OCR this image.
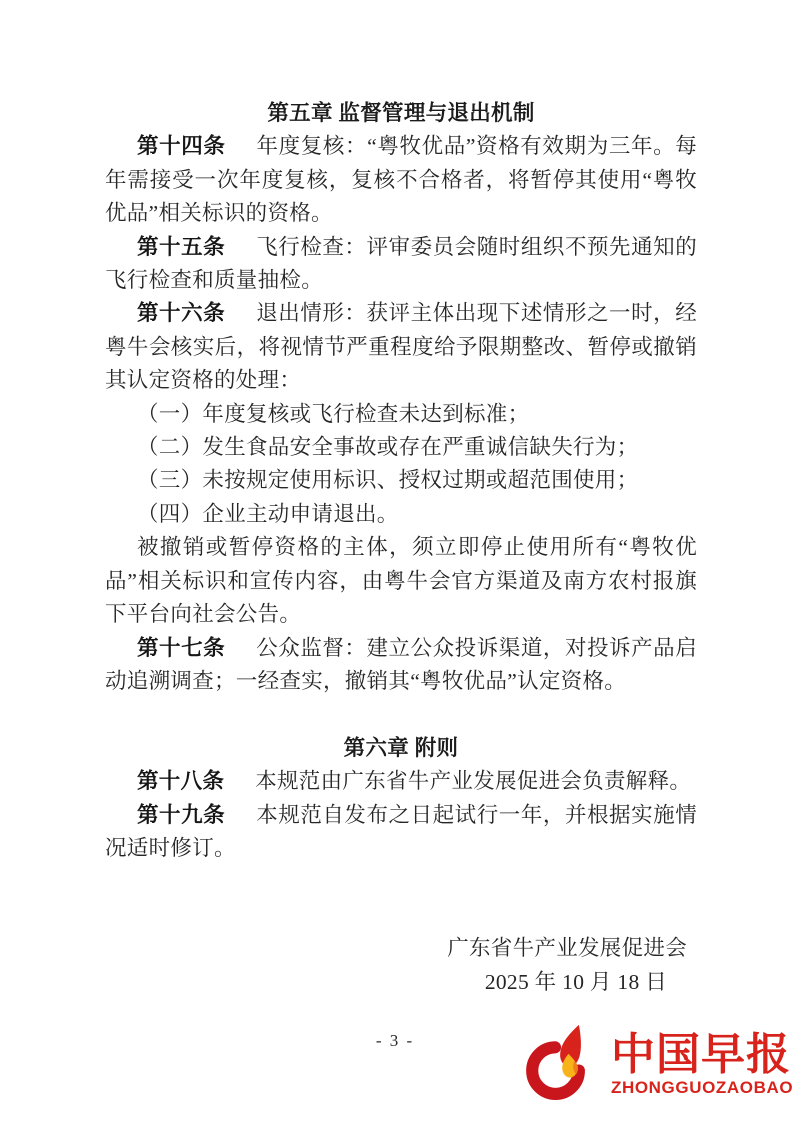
第五章 监督管理与退出机制

第十四条 年度复核：“粤牧优品”资格有效期为三年。每年需接受一次年度复核，复核不合格者，将暂停其使用“粤牧优品”相关标识的资格。

第十五条 飞行检查：评审委员会随时组织不预先通知的飞行检查和质量抽检。

第十六条 退出情形：获评主体出现下述情形之一时，经粤牛会核实后，将视情节严重程度给予限期整改、暂停或撤销其认定资格的处理：

（一）年度复核或飞行检查未达到标准；

（二）发生食品安全事故或存在严重诚信缺失行为；

（三）未按规定使用标识、授权过期或超范围使用；

（四）企业主动申请退出。

被撤销或暂停资格的主体，须立即停止使用所有“粤牧优品”相关标识和宣传内容，由粤牛会官方渠道及南方农村报旗下平台向社会公告。

第十七条 公众监督：建立公众投诉渠道，对投诉产品启动追溯调查；一经查实，撤销其“粤牧优品”认定资格。

第六章 附则

第十八条 本规范由广东省牛产业发展促进会负责解释。

第十九条 本规范自发布之日起试行一年，并根据实施情况适时修订。

广东省牛产业发展促进会

2025 年 10 月 18 日

- 3 -	中国早报
ZHONGGUOZAOBAO
